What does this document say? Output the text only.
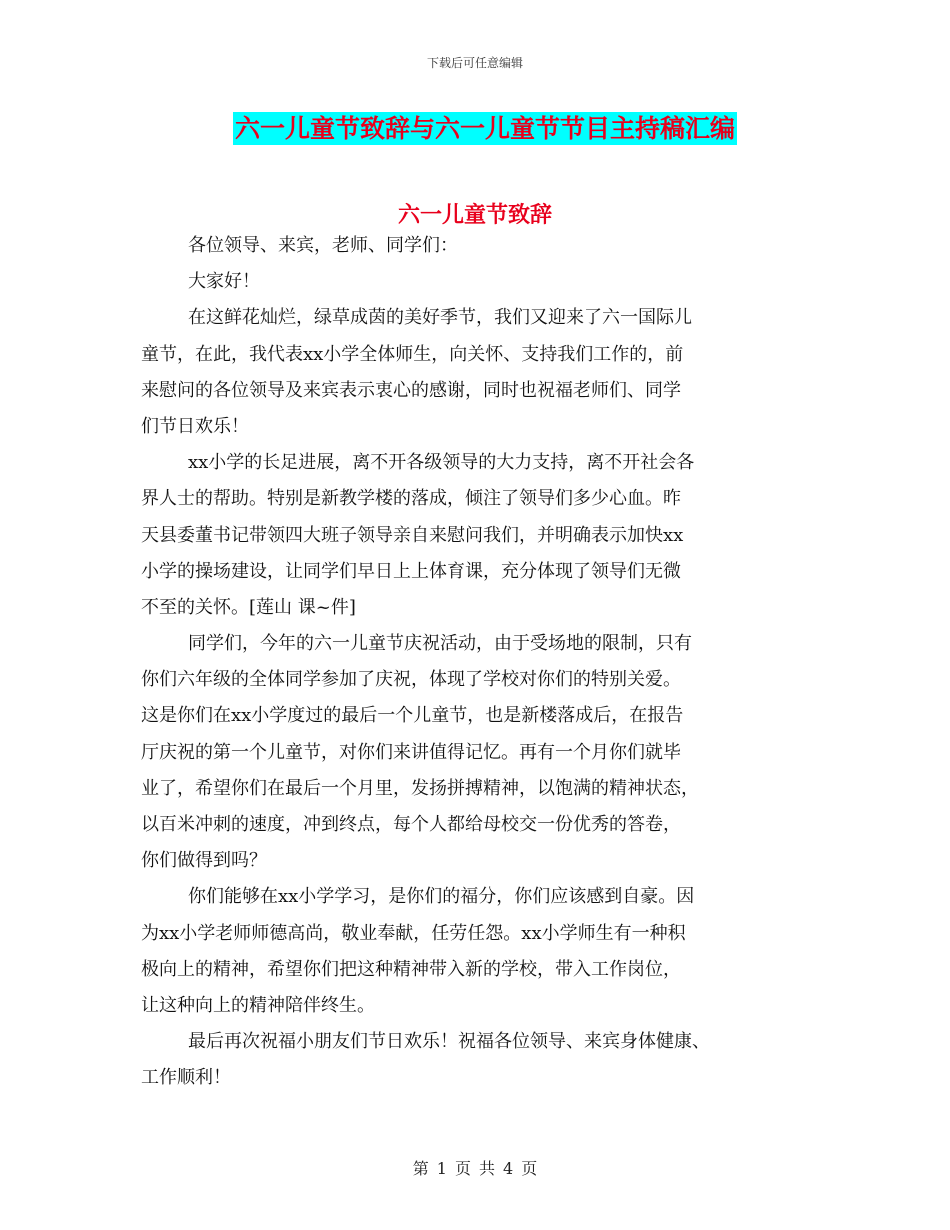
下载后可任意编辑
六一儿童节致辞与六一儿童节节目主持稿汇编
六一儿童节致辞
各位领导、来宾，老师、同学们：
大家好！
在这鲜花灿烂，绿草成茵的美好季节，我们又迎来了六一国际儿
童节，在此，我代表xx小学全体师生，向关怀、支持我们工作的，前
来慰问的各位领导及来宾表示衷心的感谢，同时也祝福老师们、同学
们节日欢乐！
xx小学的长足进展，离不开各级领导的大力支持，离不开社会各
界人士的帮助。特别是新教学楼的落成，倾注了领导们多少心血。昨
天县委董书记带领四大班子领导亲自来慰问我们，并明确表示加快xx
小学的操场建设，让同学们早日上上体育课，充分体现了领导们无微
不至的关怀。[莲山 课~件]
同学们，今年的六一儿童节庆祝活动，由于受场地的限制，只有
你们六年级的全体同学参加了庆祝，体现了学校对你们的特别关爱。
这是你们在xx小学度过的最后一个儿童节，也是新楼落成后，在报告
厅庆祝的第一个儿童节，对你们来讲值得记忆。再有一个月你们就毕
业了，希望你们在最后一个月里，发扬拼搏精神，以饱满的精神状态，
以百米冲刺的速度，冲到终点，每个人都给母校交一份优秀的答卷，
你们做得到吗？
你们能够在xx小学学习，是你们的福分，你们应该感到自豪。因
为xx小学老师师德高尚，敬业奉献，任劳任怨。xx小学师生有一种积
极向上的精神，希望你们把这种精神带入新的学校，带入工作岗位，
让这种向上的精神陪伴终生。
最后再次祝福小朋友们节日欢乐！祝福各位领导、来宾身体健康、
工作顺利！
第 1 页 共 4 页
